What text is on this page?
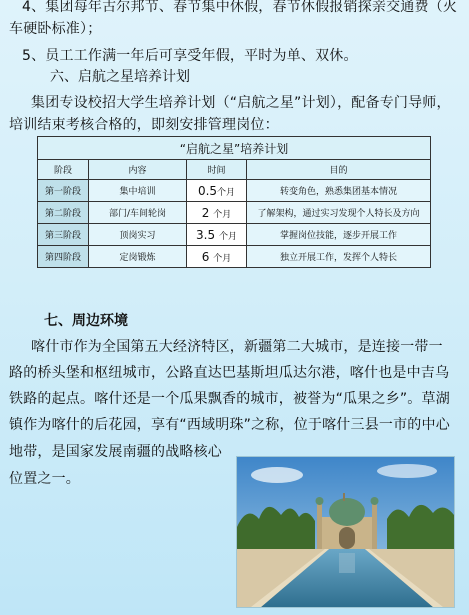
4、集团每年古尔邦节、春节集中休假，春节休假报销探亲交通费（火
车硬卧标准）；
5、员工工作满一年后可享受年假，平时为单、双休。
六、启航之星培养计划
集团专设校招大学生培养计划（“启航之星”计划），配备专门导师，
培训结束考核合格的，即刻安排管理岗位：
“启航之星”培养计划			
阶段	内容	时间	目的
第一阶段	集中培训	0.5个月	转变角色，熟悉集团基本情况
第二阶段	部门/车间轮岗	2 个月	了解架构，通过实习发现个人特长及方向
第三阶段	顶岗实习	3.5 个月	掌握岗位技能，逐步开展工作
第四阶段	定岗锻炼	6 个月	独立开展工作，发挥个人特长
七、周边环境
喀什市作为全国第五大经济特区，新疆第二大城市，是连接一带一
路的桥头堡和枢纽城市，公路直达巴基斯坦瓜达尔港，喀什也是中吉乌
铁路的起点。喀什还是一个瓜果飘香的城市，被誉为“瓜果之乡”。草湖
镇作为喀什的后花园，享有“西域明珠”之称，位于喀什三县一市的中心
地带，是国家发展南疆的战略核心
位置之一。
